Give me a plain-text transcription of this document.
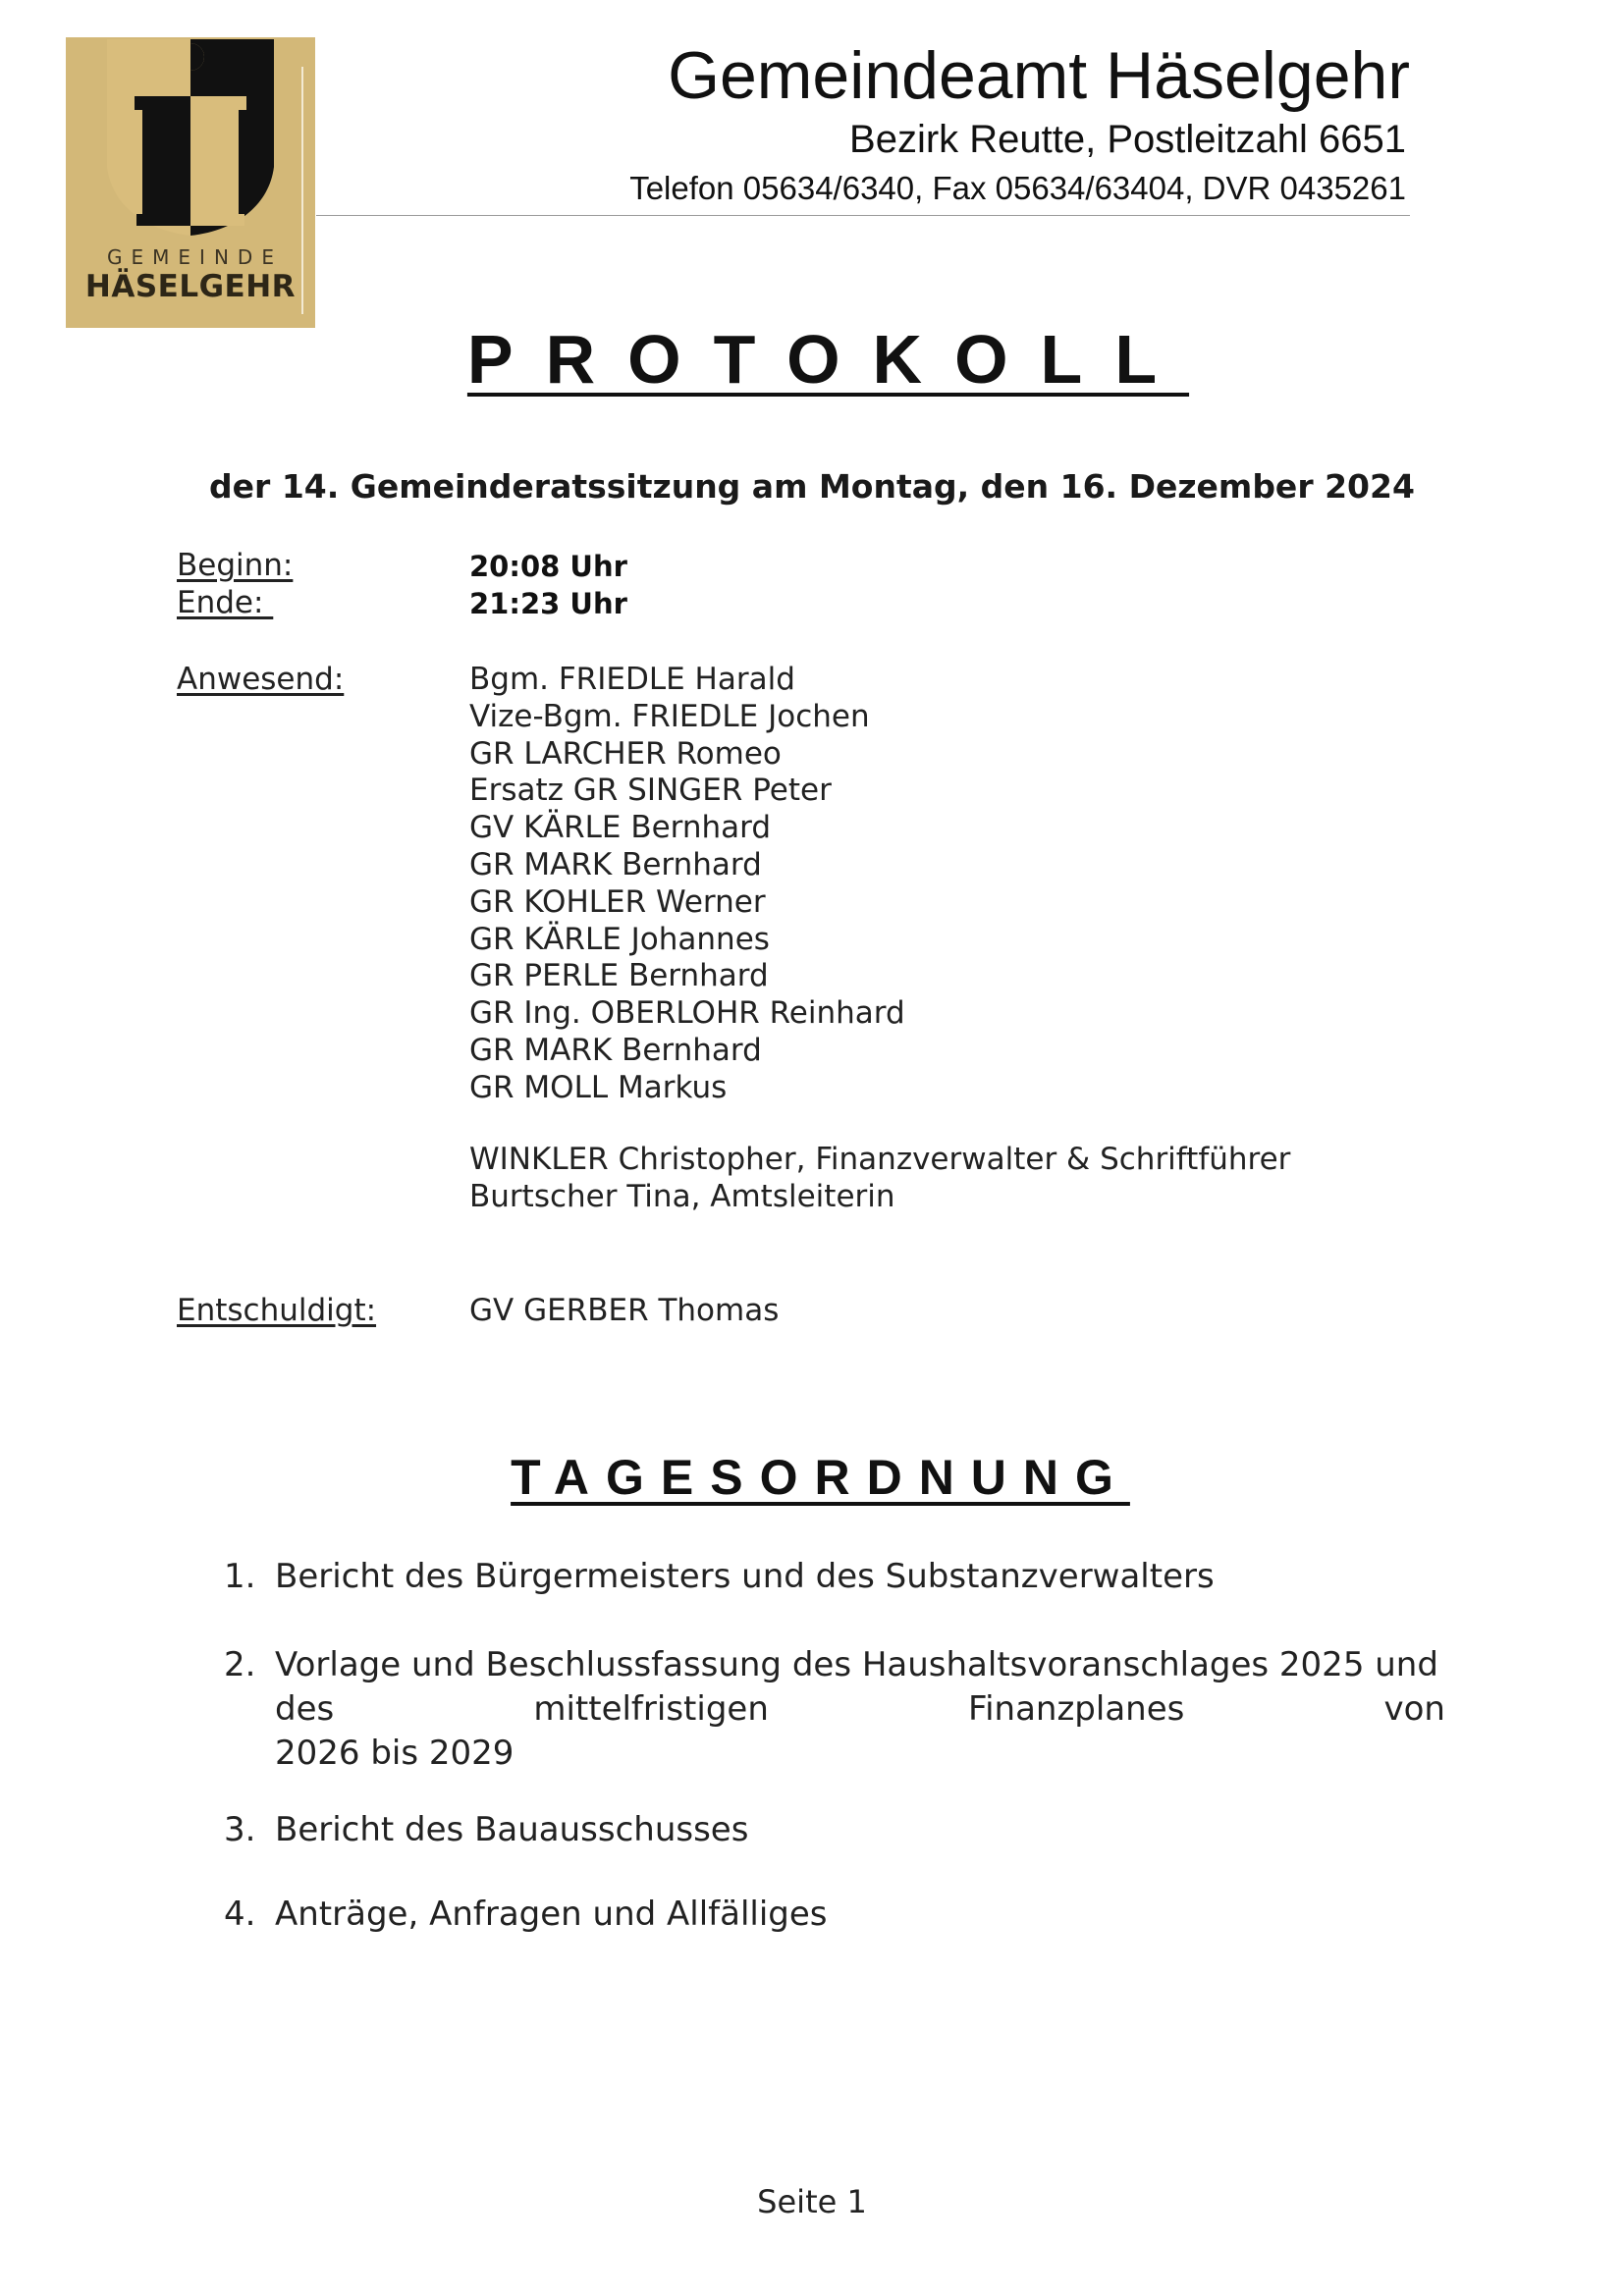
GEMEINDE
HÄSELGEHR
Gemeindeamt Häselgehr
Bezirk Reutte, Postleitzahl 6651
Telefon 05634/6340, Fax 05634/63404, DVR 0435261
PROTOKOLL
der 14. Gemeinderatssitzung am Montag, den 16. Dezember 2024
Beginn:	20:08 Uhr
Ende:	21:23 Uhr
Anwesend:	Bgm. FRIEDLE Harald
Vize-Bgm. FRIEDLE Jochen
GR LARCHER Romeo
Ersatz GR SINGER Peter
GV KÄRLE Bernhard
GR MARK Bernhard
GR KOHLER Werner
GR KÄRLE Johannes
GR PERLE Bernhard
GR Ing. OBERLOHR Reinhard
GR MARK Bernhard
GR MOLL Markus
WINKLER Christopher, Finanzverwalter & Schriftführer
Burtscher Tina, Amtsleiterin
Entschuldigt:	GV GERBER Thomas
TAGESORDNUNG
1. Bericht des Bürgermeisters und des Substanzverwalters
2. Vorlage und Beschlussfassung des Haushaltsvoranschlages 2025 und
des	mittelfristigen	Finanzplanes	von
2026 bis 2029
3. Bericht des Bauausschusses
4. Anträge, Anfragen und Allfälliges
Seite 1
